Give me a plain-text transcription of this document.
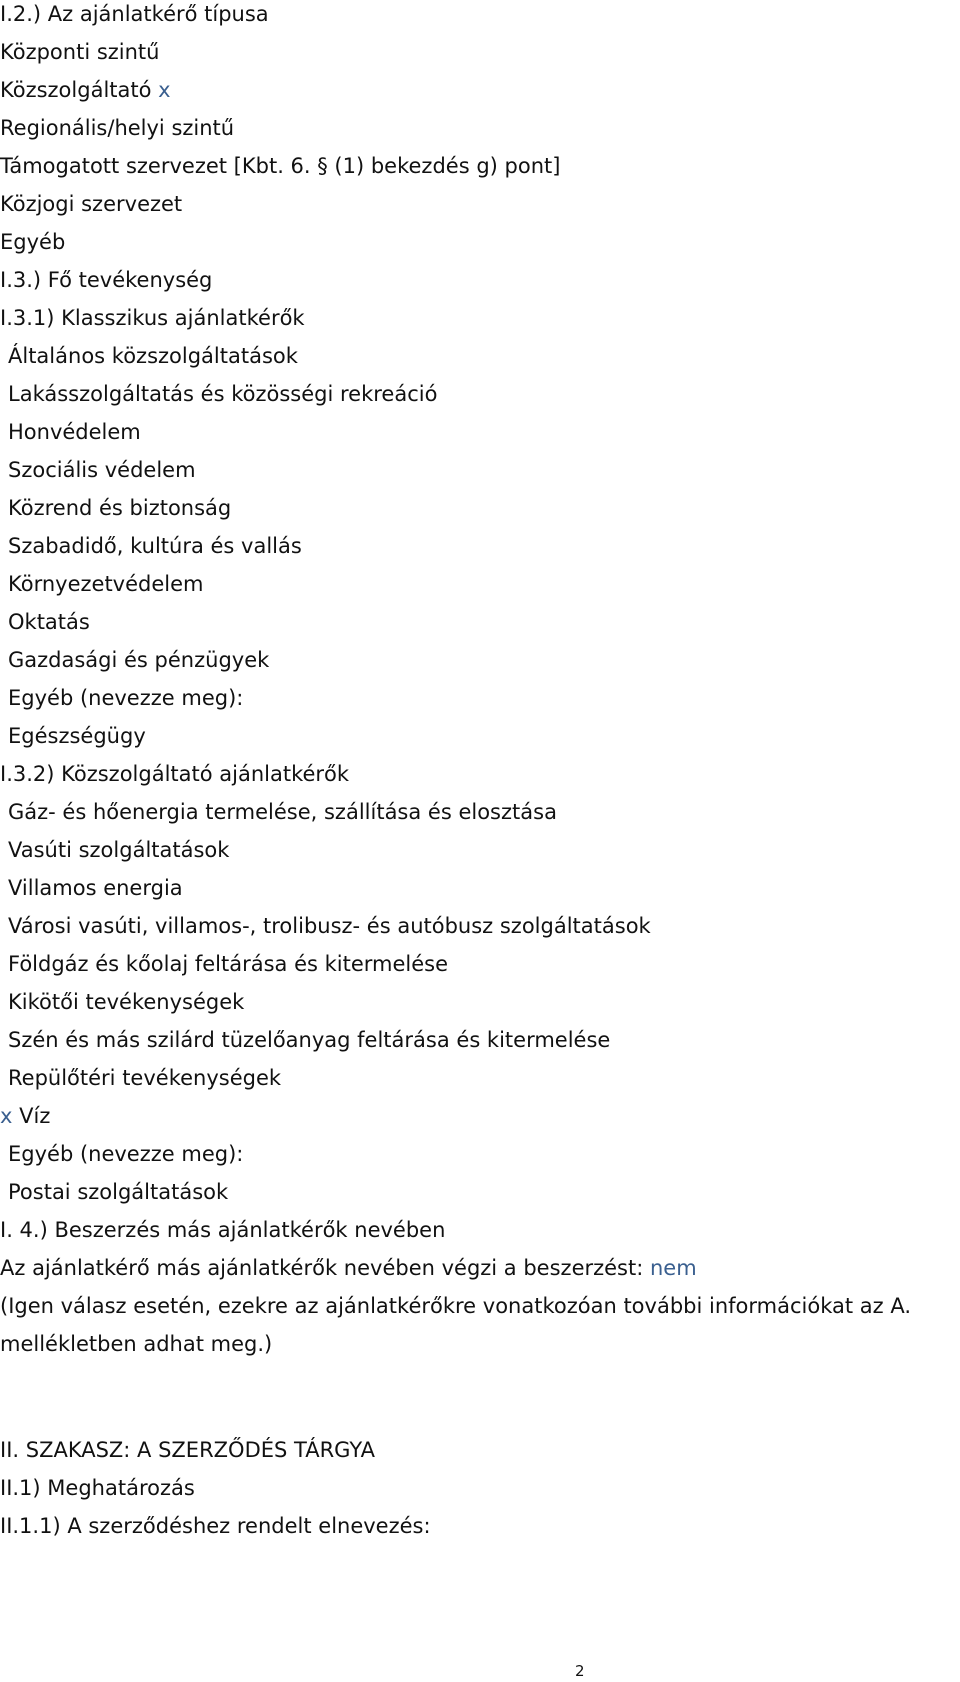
I.2.) Az ajánlatkérő típusa
Központi szintű
Közszolgáltató x
Regionális/helyi szintű
Támogatott szervezet [Kbt. 6. § (1) bekezdés g) pont]
Közjogi szervezet
Egyéb
I.3.) Fő tevékenység
I.3.1) Klasszikus ajánlatkérők
Általános közszolgáltatások
Lakásszolgáltatás és közösségi rekreáció
Honvédelem
Szociális védelem
Közrend és biztonság
Szabadidő, kultúra és vallás
Környezetvédelem
Oktatás
Gazdasági és pénzügyek
Egyéb (nevezze meg):
Egészségügy
I.3.2) Közszolgáltató ajánlatkérők
Gáz- és hőenergia termelése, szállítása és elosztása
Vasúti szolgáltatások
Villamos energia
Városi vasúti, villamos-, trolibusz- és autóbusz szolgáltatások
Földgáz és kőolaj feltárása és kitermelése
Kikötői tevékenységek
Szén és más szilárd tüzelőanyag feltárása és kitermelése
Repülőtéri tevékenységek
x Víz
Egyéb (nevezze meg):
Postai szolgáltatások
I. 4.) Beszerzés más ajánlatkérők nevében
Az ajánlatkérő más ajánlatkérők nevében végzi a beszerzést: nem
(Igen válasz esetén, ezekre az ajánlatkérőkre vonatkozóan további információkat az A.
mellékletben adhat meg.)
II. SZAKASZ: A SZERZŐDÉS TÁRGYA
II.1) Meghatározás
II.1.1) A szerződéshez rendelt elnevezés:
2
